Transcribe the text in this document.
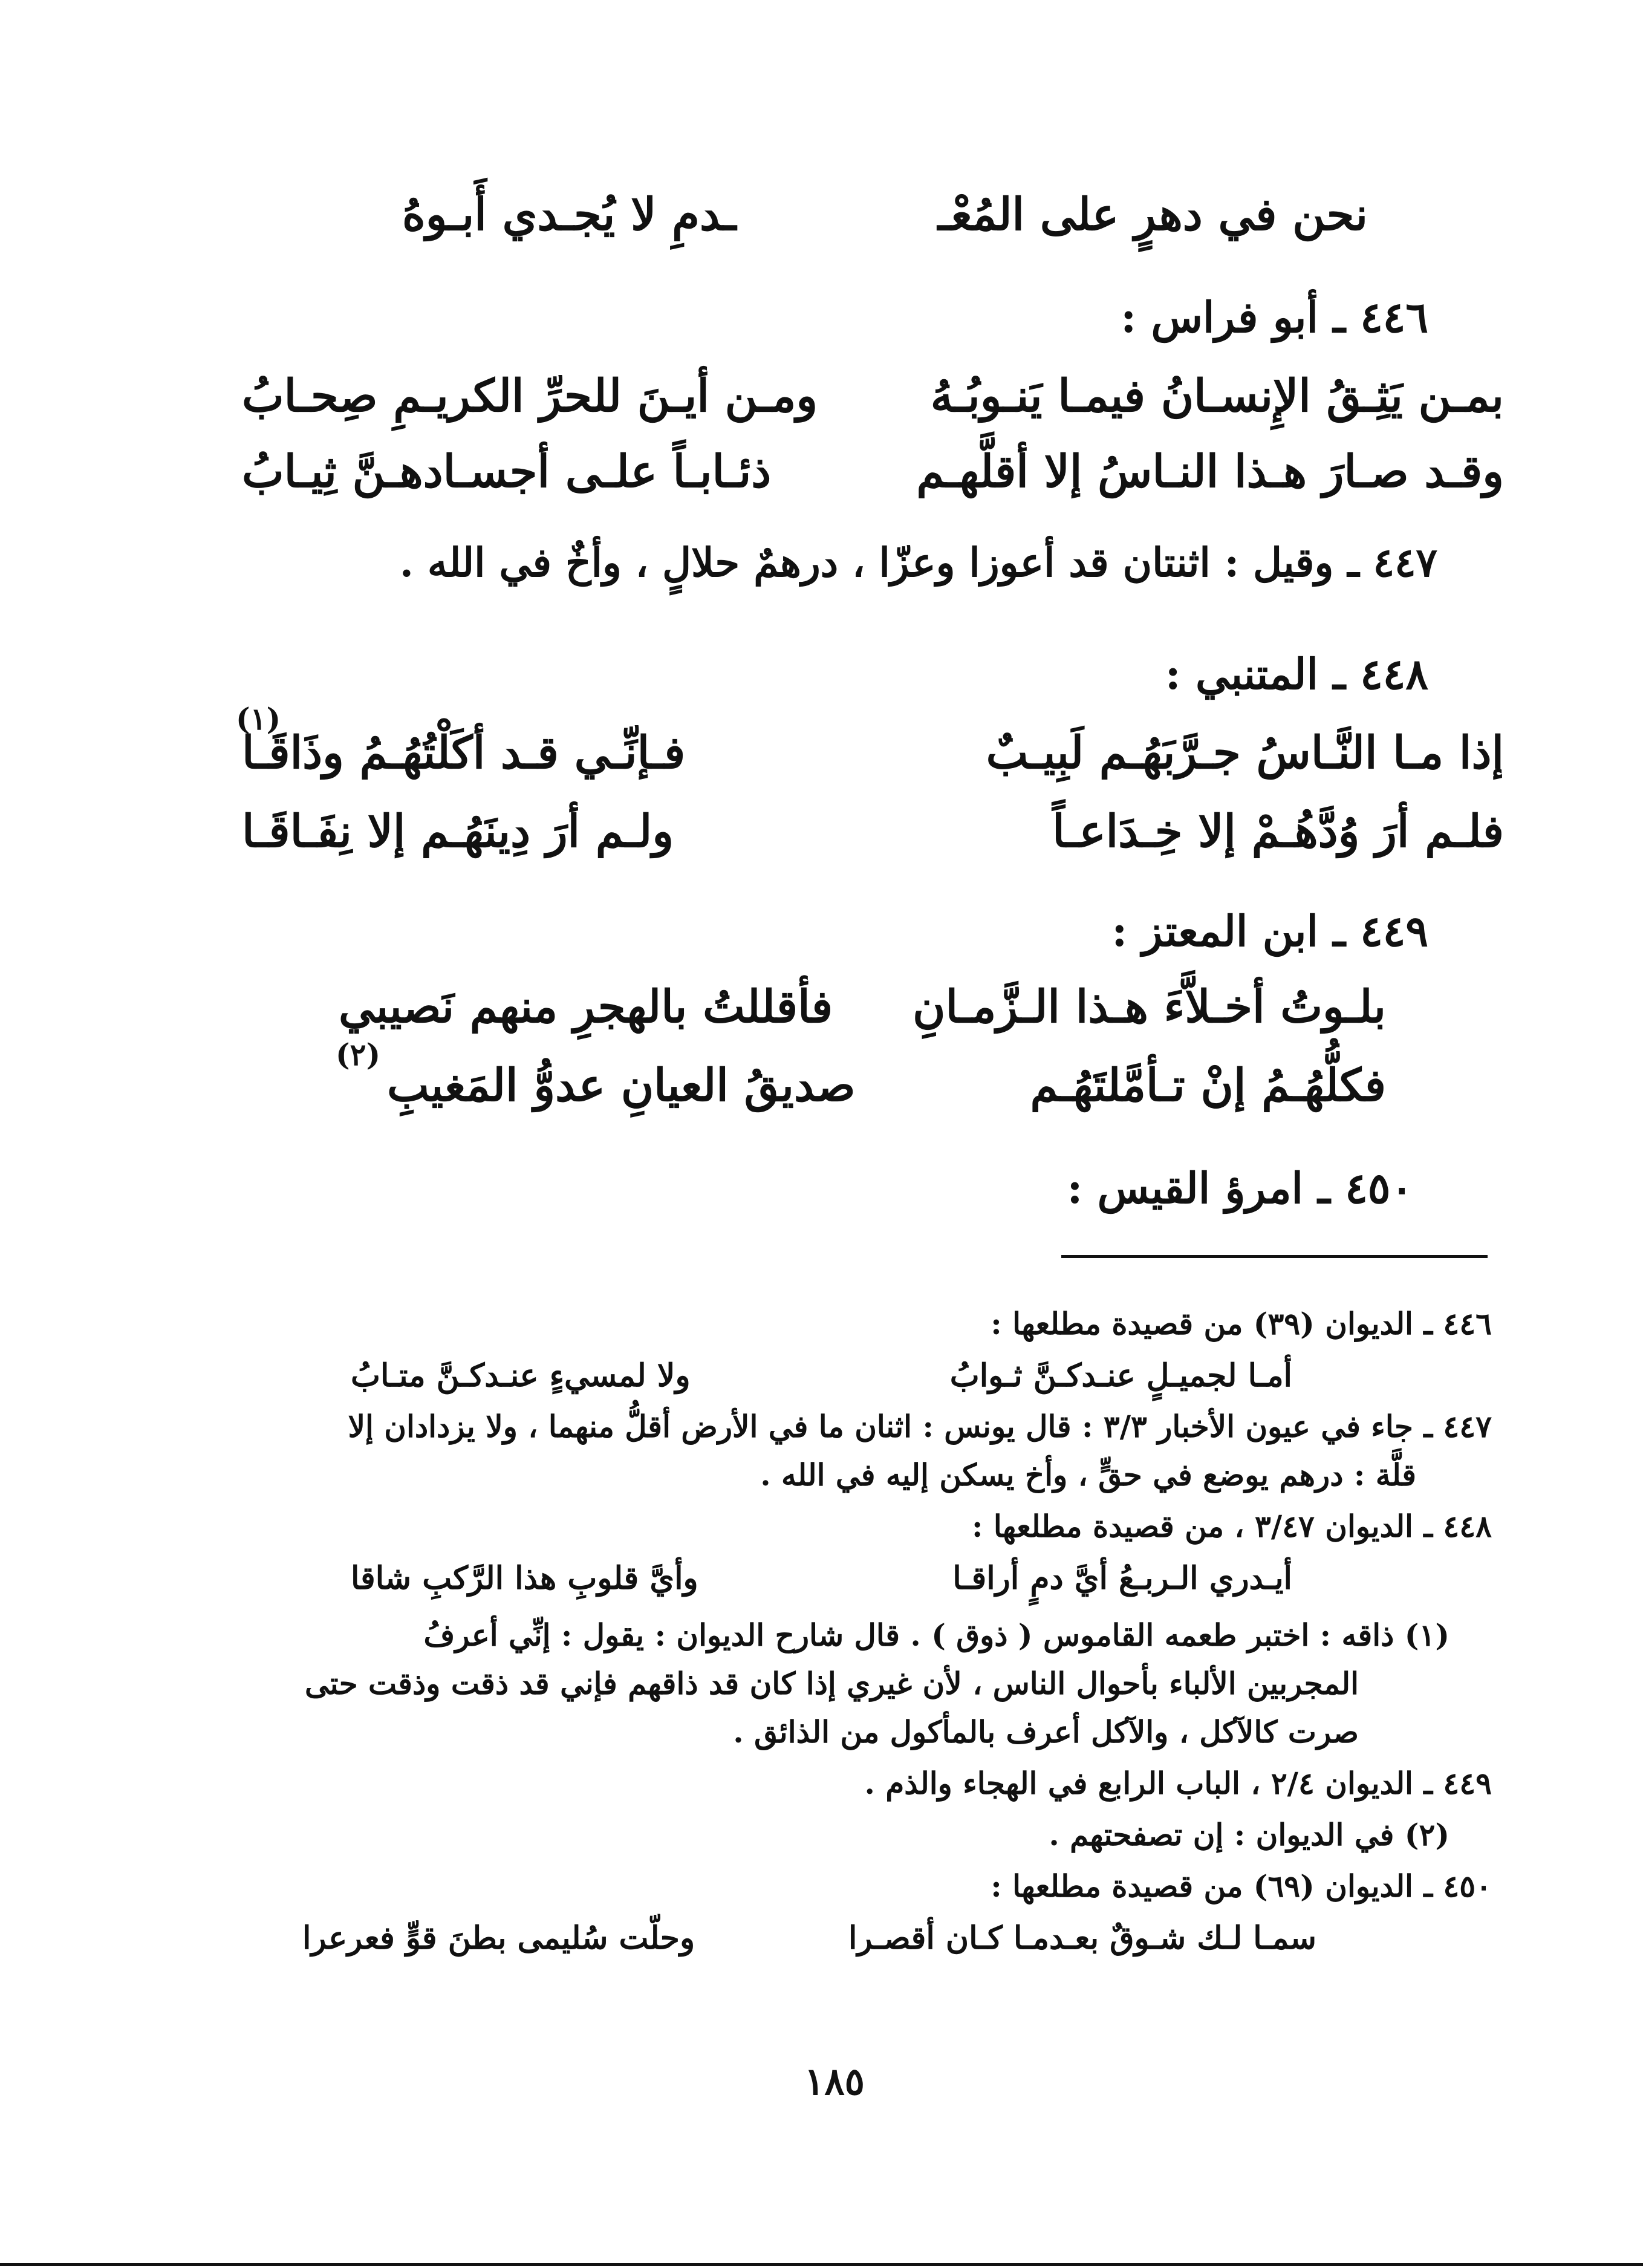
نحن في دهرٍ على المُعْـ
ـدمِ لا يُجـدي أَبـوهُ
٤٤٦ ـ أبو فراس :
بمـن يَثِـقُ الإِنسـانُ فيمـا يَنـوبُـهُ
ومـن أيـنَ للحرِّ الكريـمِ صِحـابُ
وقـد صـارَ هـذا النـاسُ إلا أقلَّهـم
ذئـابـاً علـى أجسـادهـنَّ ثِيـابُ
٤٤٧ ـ وقيل : اثنتان قد أعوزا وعزّا ، درهمٌ حلالٍ ، وأخٌ في الله .
٤٤٨ ـ المتنبي :
إذا مـا النَّـاسُ جـرَّبَهُـم لَبِيـبٌ
فـإنِّـي قـد أكَلْتُهُـمُ وذَاقَـا
(١)
فلـم أرَ وُدَّهُـمْ إلا خِـدَاعـاً
ولـم أرَ دِينَهُـم إلا نِفَـاقَـا
٤٤٩ ـ ابن المعتز :
بلـوتُ أخـلاَّءَ هـذا الـزَّمـانِ
فأقللتُ بالهجرِ منهم نَصيبي
فكلُّهُـمُ إنْ تـأمَّلتَهُـم
صديقُ العيانِ عدوُّ المَغيبِ
(٢)
٤٥٠ ـ امرؤ القيس :
٤٤٦ ـ الديوان (٣٩) من قصيدة مطلعها :
أمـا لجميـلٍ عنـدكـنَّ ثـوابُ
ولا لمسيءٍ عنـدكـنَّ متـابُ
٤٤٧ ـ جاء في عيون الأخبار ٣/٣ : قال يونس : اثنان ما في الأرض أقلُّ منهما ، ولا يزدادان إلا
قلَّة : درهم يوضع في حقٍّ ، وأخ يسكن إليه في الله .
٤٤٨ ـ الديوان ٣/٤٧ ، من قصيدة مطلعها :
أيـدري الـربـعُ أيَّ دمٍ أراقـا
وأيَّ قلوبِ هذا الرَّكبِ شاقا
(١) ذاقه : اختبر طعمه القاموس ( ذوق ) . قال شارح الديوان : يقول : إنِّي أعرفُ
المجربين الألباء بأحوال الناس ، لأن غيري إذا كان قد ذاقهم فإني قد ذقت وذقت حتى
صرت كالآكل ، والآكل أعرف بالمأكول من الذائق .
٤٤٩ ـ الديوان ٢/٤ ، الباب الرابع في الهجاء والذم .
(٢) في الديوان : إن تصفحتهم .
٤٥٠ ـ الديوان (٦٩) من قصيدة مطلعها :
سمـا لـك شـوقٌ بعـدمـا كـان أقصـرا
وحلّت سُليمى بطنَ قوٍّ فعرعرا
١٨٥
